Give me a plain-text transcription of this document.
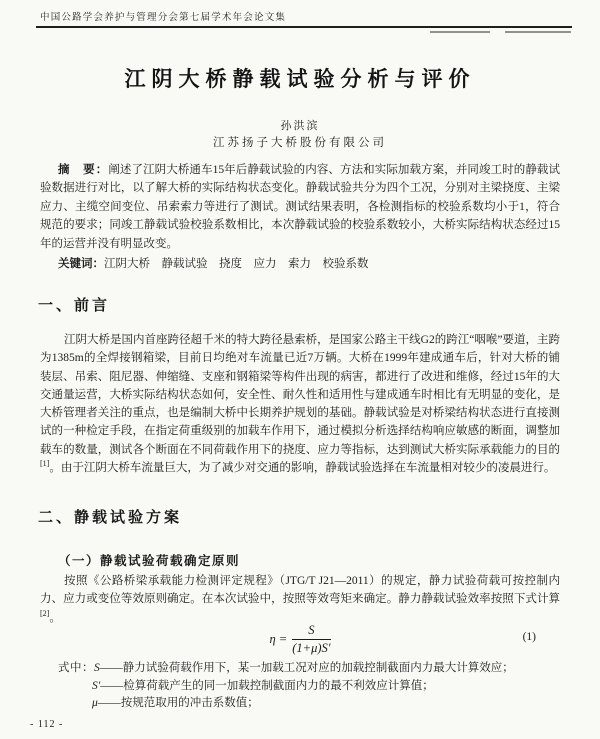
中国公路学会养护与管理分会第七届学术年会论文集
江阴大桥静载试验分析与评价
孙洪滨
江苏扬子大桥股份有限公司

摘　要：阐述了江阴大桥通车15年后静载试验的内容、方法和实际加载方案，并同竣工时的静载试验数据进行对比，以了解大桥的实际结构状态变化。静载试验共分为四个工况，分别对主梁挠度、主梁应力、主缆空间变位、吊索索力等进行了测试。测试结果表明，各检测指标的校验系数均小于1，符合规范的要求；同竣工静载试验校验系数相比，本次静载试验的校验系数较小，大桥实际结构状态经过15年的运营并没有明显改变。

关键词：江阴大桥　静载试验　挠度　应力　索力　校验系数

一、前言

江阴大桥是国内首座跨径超千米的特大跨径悬索桥，是国家公路主干线G2的跨江“咽喉”要道，主跨为1385m的全焊接钢箱梁，目前日均绝对车流量已近7万辆。大桥在1999年建成通车后，针对大桥的铺装层、吊索、阻尼器、伸缩缝、支座和钢箱梁等构件出现的病害，都进行了改进和维修，经过15年的大交通量运营，大桥实际结构状态如何，安全性、耐久性和适用性与建成通车时相比有无明显的变化，是大桥管理者关注的重点，也是编制大桥中长期养护规划的基础。静载试验是对桥梁结构状态进行直接测试的一种检定手段，在指定荷重级别的加载车作用下，通过模拟分析选择结构响应敏感的断面，调整加载车的数量，测试各个断面在不同荷载作用下的挠度、应力等指标，达到测试大桥实际承载能力的目的[1]。由于江阴大桥车流量巨大，为了减少对交通的影响，静载试验选择在车流量相对较少的凌晨进行。

二、静载试验方案
（一）静载试验荷载确定原则

按照《公路桥梁承载能力检测评定规程》（JTG/T J21—2011）的规定，静力试验荷载可按控制内力、应力或变位等效原则确定。在本次试验中，按照等效弯矩来确定。静力静载试验效率按照下式计算[2]。

$\eta = \frac{S}{(1+\mu)S'}$	(1)
式中：S——静力试验荷载作用下，某一加载工况对应的加载控制截面内力最大计算效应；
S′——检算荷载产生的同一加载控制截面内力的最不利效应计算值；
μ——按规范取用的冲击系数值；
- 112 -
